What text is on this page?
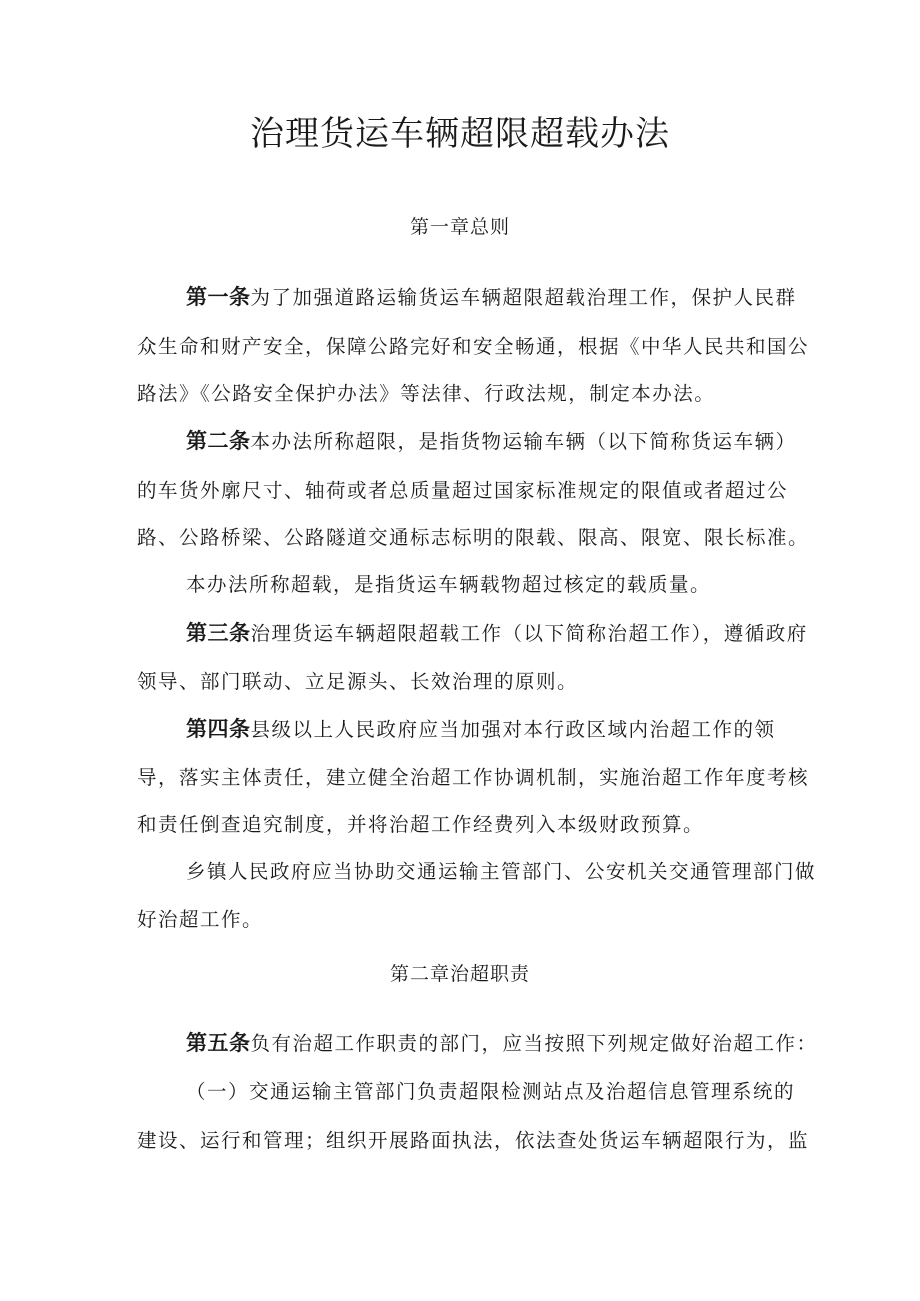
治理货运车辆超限超载办法
第一章总则
第一条为了加强道路运输货运车辆超限超载治理工作，保护人民群
众生命和财产安全，保障公路完好和安全畅通，根据《中华人民共和国公
路法》《公路安全保护办法》等法律、行政法规，制定本办法。
第二条本办法所称超限，是指货物运输车辆（以下简称货运车辆）
的车货外廓尺寸、轴荷或者总质量超过国家标准规定的限值或者超过公
路、公路桥梁、公路隧道交通标志标明的限载、限高、限宽、限长标准。
本办法所称超载，是指货运车辆载物超过核定的载质量。
第三条治理货运车辆超限超载工作（以下简称治超工作），遵循政府
领导、部门联动、立足源头、长效治理的原则。
第四条县级以上人民政府应当加强对本行政区域内治超工作的领
导，落实主体责任，建立健全治超工作协调机制，实施治超工作年度考核
和责任倒查追究制度，并将治超工作经费列入本级财政预算。
乡镇人民政府应当协助交通运输主管部门、公安机关交通管理部门做
好治超工作。
第二章治超职责
第五条负有治超工作职责的部门，应当按照下列规定做好治超工作：
（一）交通运输主管部门负责超限检测站点及治超信息管理系统的
建设、运行和管理；组织开展路面执法，依法查处货运车辆超限行为，监
